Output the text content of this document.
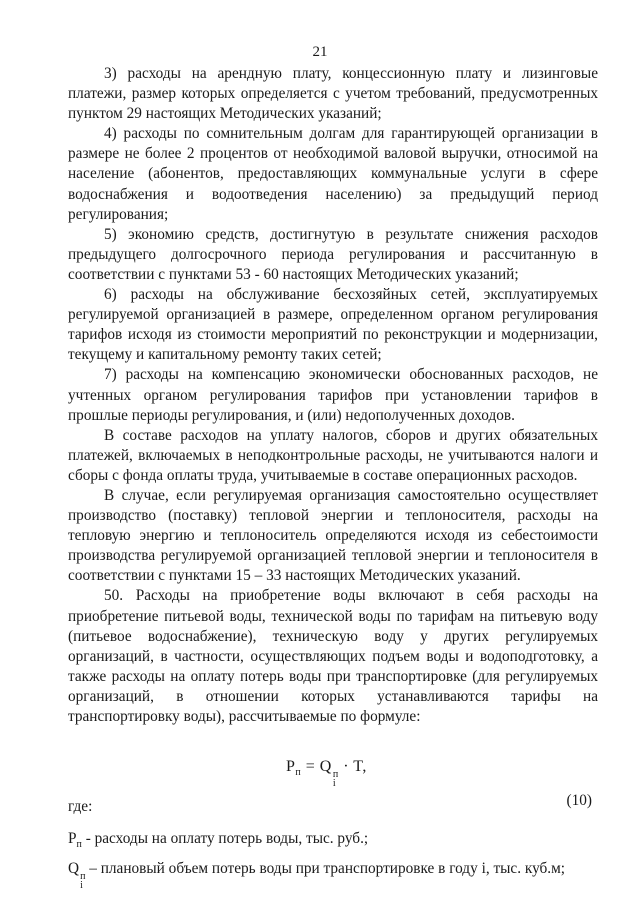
21

3) расходы на арендную плату, концессионную плату и лизинговые платежи, размер которых определяется с учетом требований, предусмотренных пунктом 29 настоящих Методических указаний;

4) расходы по сомнительным долгам для гарантирующей организации в размере не более 2 процентов от необходимой валовой выручки, относимой на население (абонентов, предоставляющих коммунальные услуги в сфере водоснабжения и водоотведения населению) за предыдущий период регулирования;

5) экономию средств, достигнутую в результате снижения расходов предыдущего долгосрочного периода регулирования и рассчитанную в соответствии с пунктами 53 - 60 настоящих Методических указаний;

6) расходы на обслуживание бесхозяйных сетей, эксплуатируемых регулируемой организацией в размере, определенном органом регулирования тарифов исходя из стоимости мероприятий по реконструкции и модернизации, текущему и капитальному ремонту таких сетей;

7) расходы на компенсацию экономически обоснованных расходов, не учтенных органом регулирования тарифов при установлении тарифов в прошлые периоды регулирования, и (или) недополученных доходов.

В составе расходов на уплату налогов, сборов и других обязательных платежей, включаемых в неподконтрольные расходы, не учитываются налоги и сборы с фонда оплаты труда, учитываемые в составе операционных расходов.

В случае, если регулируемая организация самостоятельно осуществляет производство (поставку) тепловой энергии и теплоносителя, расходы на тепловую энергию и теплоноситель определяются исходя из себестоимости производства регулируемой организацией тепловой энергии и теплоносителя в соответствии с пунктами 15 – 33 настоящих Методических указаний.

50. Расходы на приобретение воды включают в себя расходы на приобретение питьевой воды, технической воды по тарифам на питьевую воду (питьевое водоснабжение), техническую воду у других регулируемых организаций, в частности, осуществляющих подъем воды и водоподготовку, а также расходы на оплату потерь воды при транспортировке (для регулируемых организаций, в отношении которых устанавливаются тарифы на транспортировку воды), рассчитываемые по формуле:

$P_п = Q$ п
i
· T,
где:	(10)

$P_п$ - расходы на оплату потерь воды, тыс. руб.;

Q п
i
– плановый объем потерь воды при транспортировке в году i, тыс. куб.м;
